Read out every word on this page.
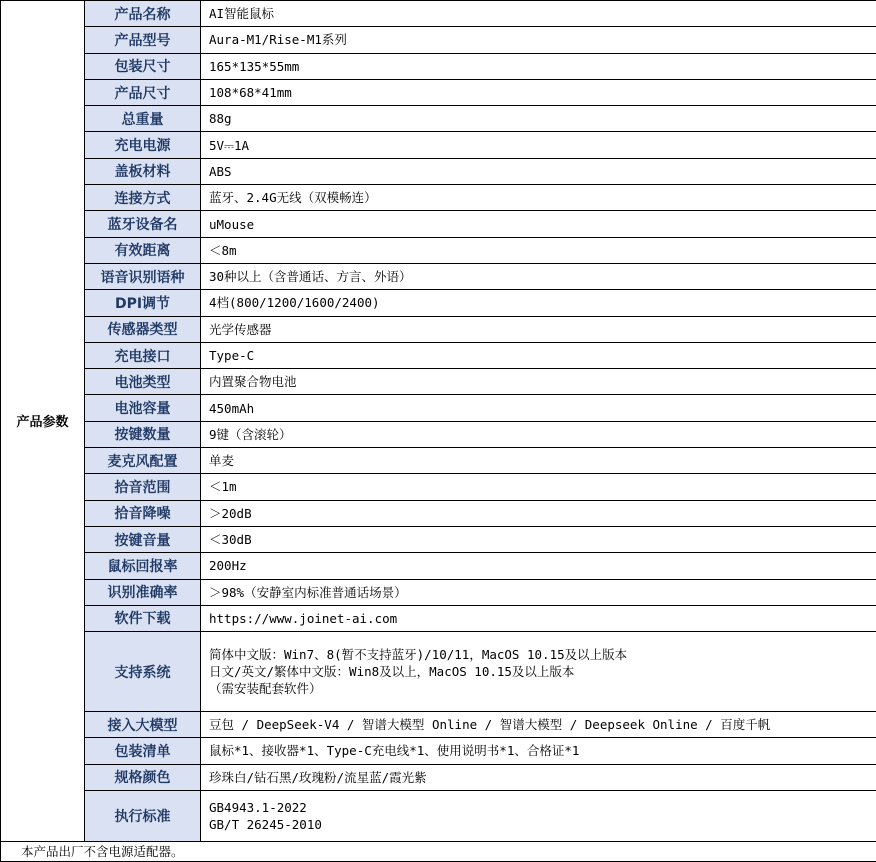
产品参数	产品名称	AI智能鼠标

	产品型号	Aura-M1/Rise-M1系列

	包装尺寸	165*135*55mm

	产品尺寸	108*68*41mm

	总重量	88g

	充电电源	5V⎓1A

	盖板材料	ABS

	连接方式	蓝牙、2.4G无线（双模畅连）

	蓝牙设备名	uMouse

	有效距离	＜8m

	语音识别语种	30种以上（含普通话、方言、外语）

	DPI调节	4档(800/1200/1600/2400)

	传感器类型	光学传感器

	充电接口	Type-C

	电池类型	内置聚合物电池

	电池容量	450mAh

	按键数量	9键（含滚轮）

	麦克风配置	单麦

	拾音范围	＜1m

	拾音降噪	＞20dB

	按键音量	＜30dB

	鼠标回报率	200Hz

	识别准确率	＞98%（安静室内标准普通话场景）

	软件下载	https://www.joinet-ai.com

	支持系统	简体中文版：Win7、8(暂不支持蓝牙)/10/11，MacOS 10.15及以上版本
日文/英文/繁体中文版：Win8及以上，MacOS 10.15及以上版本
（需安装配套软件）

	接入大模型	豆包 / DeepSeek-V4 / 智谱大模型 Online / 智谱大模型 / Deepseek Online / 百度千帆

	包装清单	鼠标*1、接收器*1、Type-C充电线*1、使用说明书*1、合格证*1

	规格颜色	珍珠白/钻石黑/玫瑰粉/流星蓝/霞光紫

	执行标准	GB4943.1-2022
GB/T 26245-2010

本产品出厂不含电源适配器。		
